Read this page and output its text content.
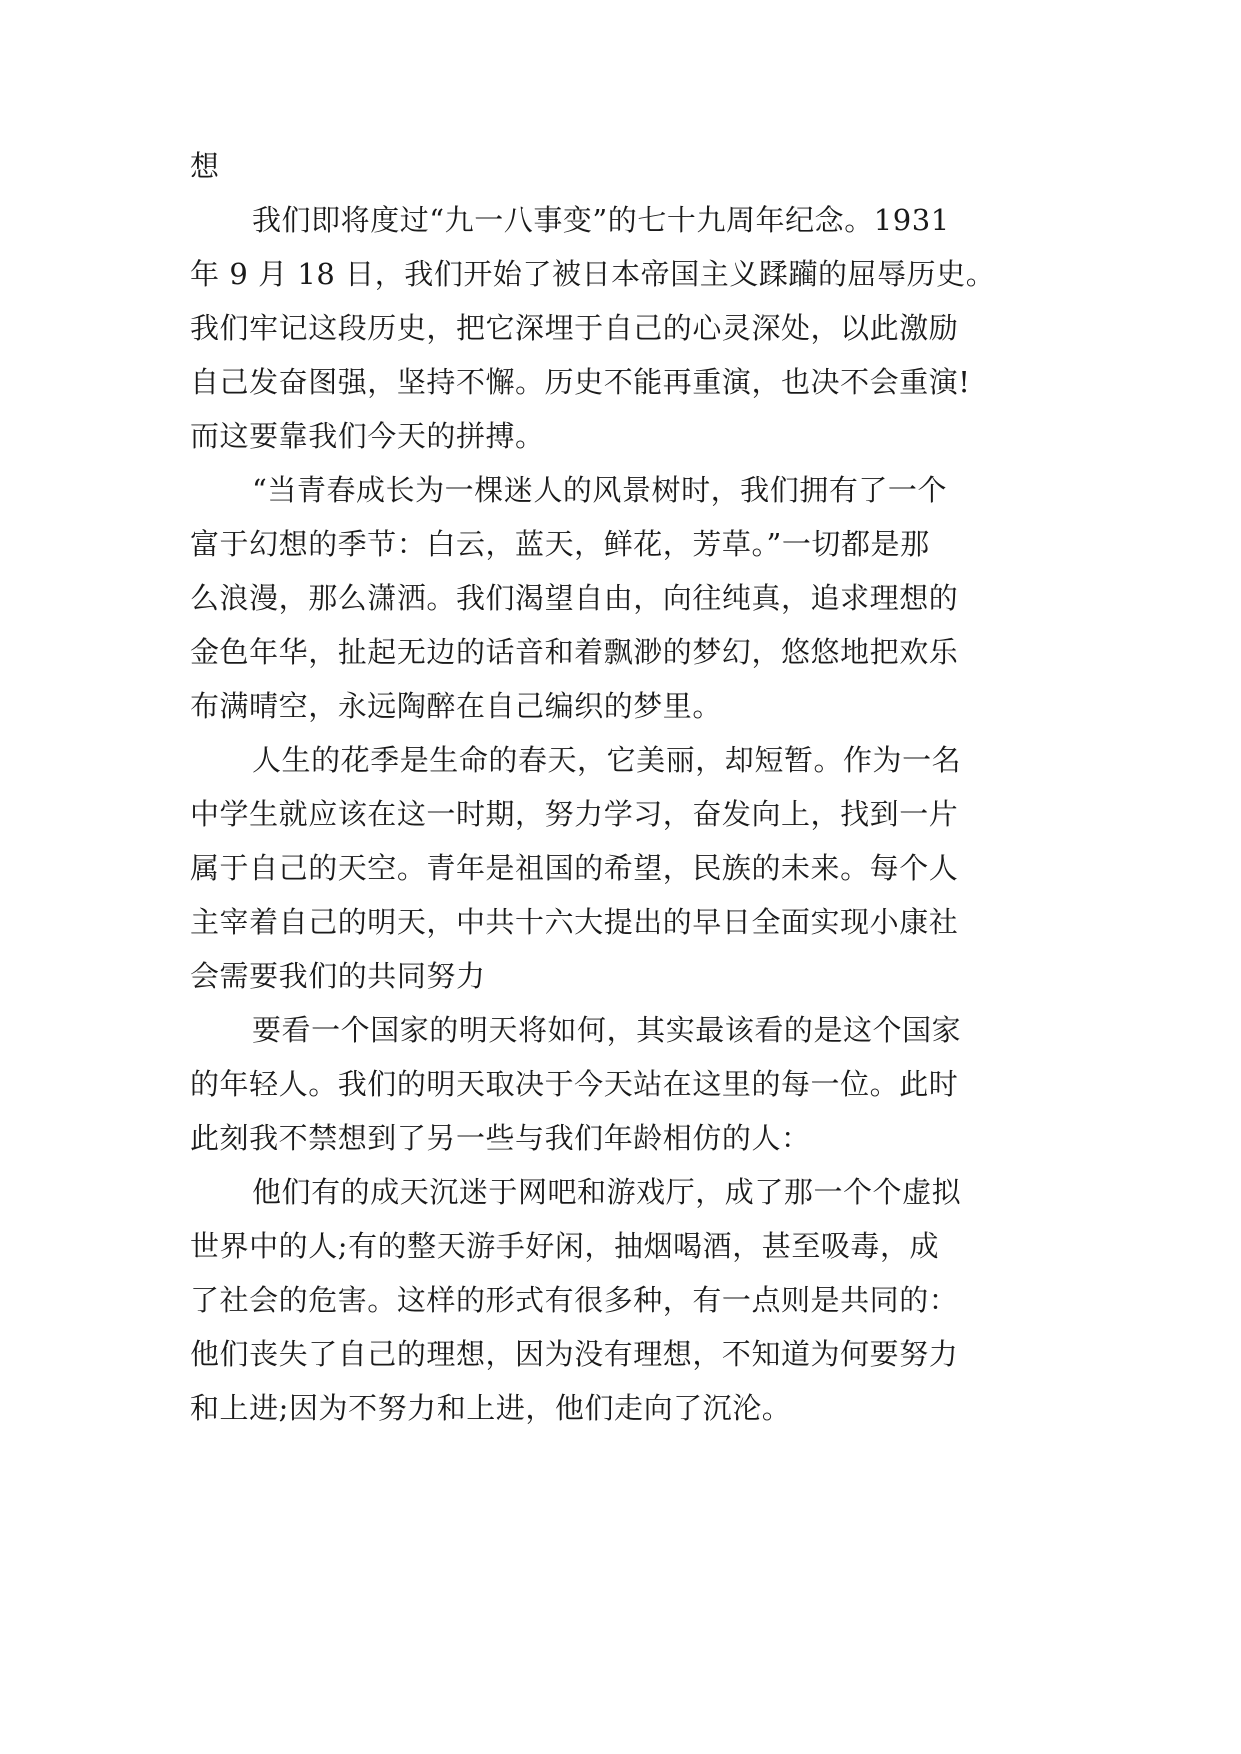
想
我们即将度过“九一八事变”的七十九周年纪念。1931
年 9 月 18 日，我们开始了被日本帝国主义蹂躏的屈辱历史。
我们牢记这段历史，把它深埋于自己的心灵深处，以此激励
自己发奋图强，坚持不懈。历史不能再重演，也决不会重演!
而这要靠我们今天的拼搏。
“当青春成长为一棵迷人的风景树时，我们拥有了一个
富于幻想的季节：白云，蓝天，鲜花，芳草。”一切都是那
么浪漫，那么潇洒。我们渴望自由，向往纯真，追求理想的
金色年华，扯起无边的话音和着飘渺的梦幻，悠悠地把欢乐
布满晴空，永远陶醉在自己编织的梦里。
人生的花季是生命的春天，它美丽，却短暂。作为一名
中学生就应该在这一时期，努力学习，奋发向上，找到一片
属于自己的天空。青年是祖国的希望，民族的未来。每个人
主宰着自己的明天，中共十六大提出的早日全面实现小康社
会需要我们的共同努力
要看一个国家的明天将如何，其实最该看的是这个国家
的年轻人。我们的明天取决于今天站在这里的每一位。此时
此刻我不禁想到了另一些与我们年龄相仿的人：
他们有的成天沉迷于网吧和游戏厅，成了那一个个虚拟
世界中的人;有的整天游手好闲，抽烟喝酒，甚至吸毒，成
了社会的危害。这样的形式有很多种，有一点则是共同的：
他们丧失了自己的理想，因为没有理想，不知道为何要努力
和上进;因为不努力和上进，他们走向了沉沦。
